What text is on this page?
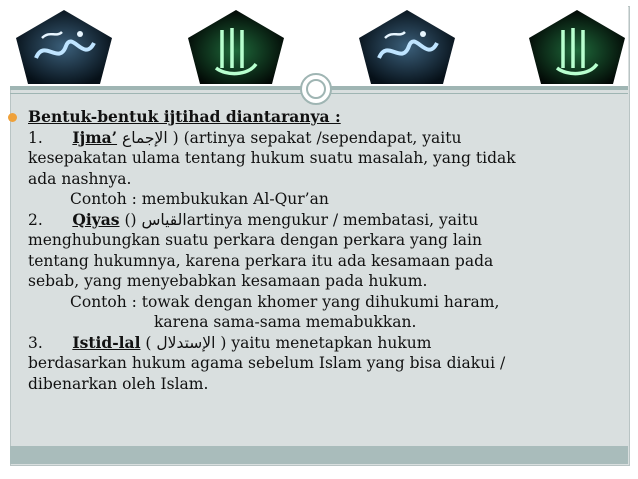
Bentuk-bentuk ijtihad diantaranya :
1. Ijma’ الإجماع ) (artinya sepakat /sependapat, yaitu
kesepakatan ulama tentang hukum suatu masalah, yang tidak
ada nashnya.
Contoh : membukukan Al-Qur’an
2. Qiyas () القياسartinya mengukur / membatasi, yaitu
menghubungkan suatu perkara dengan perkara yang lain
tentang hukumnya, karena perkara itu ada kesamaan pada
sebab, yang menyebabkan kesamaan pada hukum.
Contoh : towak dengan khomer yang dihukumi haram,
karena sama-sama memabukkan.
3. Istid-lal ( الإستدلال ) yaitu menetapkan hukum
berdasarkan hukum agama sebelum Islam yang bisa diakui /
dibenarkan oleh Islam.
